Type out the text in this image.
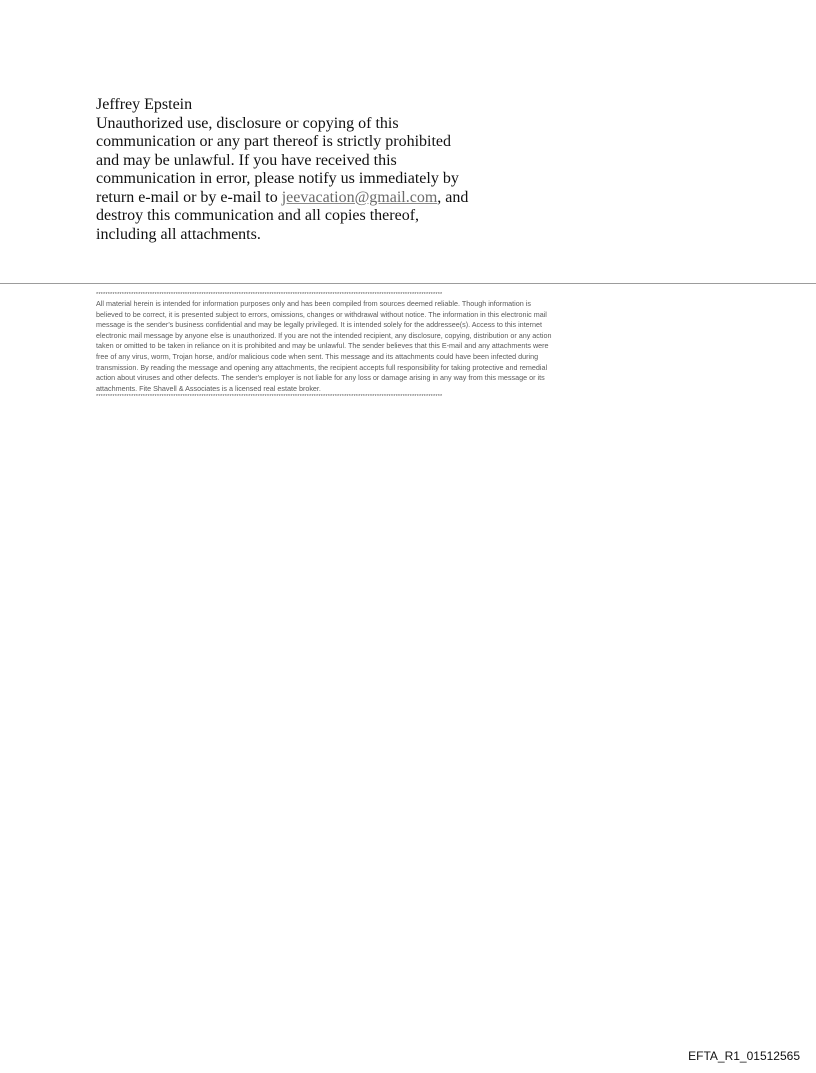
Jeffrey Epstein
Unauthorized use, disclosure or copying of this
communication or any part thereof is strictly prohibited
and may be unlawful. If you have received this
communication in error, please notify us immediately by
return e-mail or by e-mail to jeevacation@gmail.com, and
destroy this communication and all copies thereof,
including all attachments.
****************************************************************************************************************************************************
All material herein is intended for information purposes only and has been compiled from sources deemed reliable. Though information is
believed to be correct, it is presented subject to errors, omissions, changes or withdrawal without notice. The information in this electronic mail
message is the sender's business confidential and may be legally privileged. It is intended solely for the addressee(s). Access to this internet
electronic mail message by anyone else is unauthorized. If you are not the intended recipient, any disclosure, copying, distribution or any action
taken or omitted to be taken in reliance on it is prohibited and may be unlawful. The sender believes that this E-mail and any attachments were
free of any virus, worm, Trojan horse, and/or malicious code when sent. This message and its attachments could have been infected during
transmission. By reading the message and opening any attachments, the recipient accepts full responsibility for taking protective and remedial
action about viruses and other defects. The sender's employer is not liable for any loss or damage arising in any way from this message or its
attachments. Fite Shavell & Associates is a licensed real estate broker.
****************************************************************************************************************************************************
EFTA_R1_01512565
